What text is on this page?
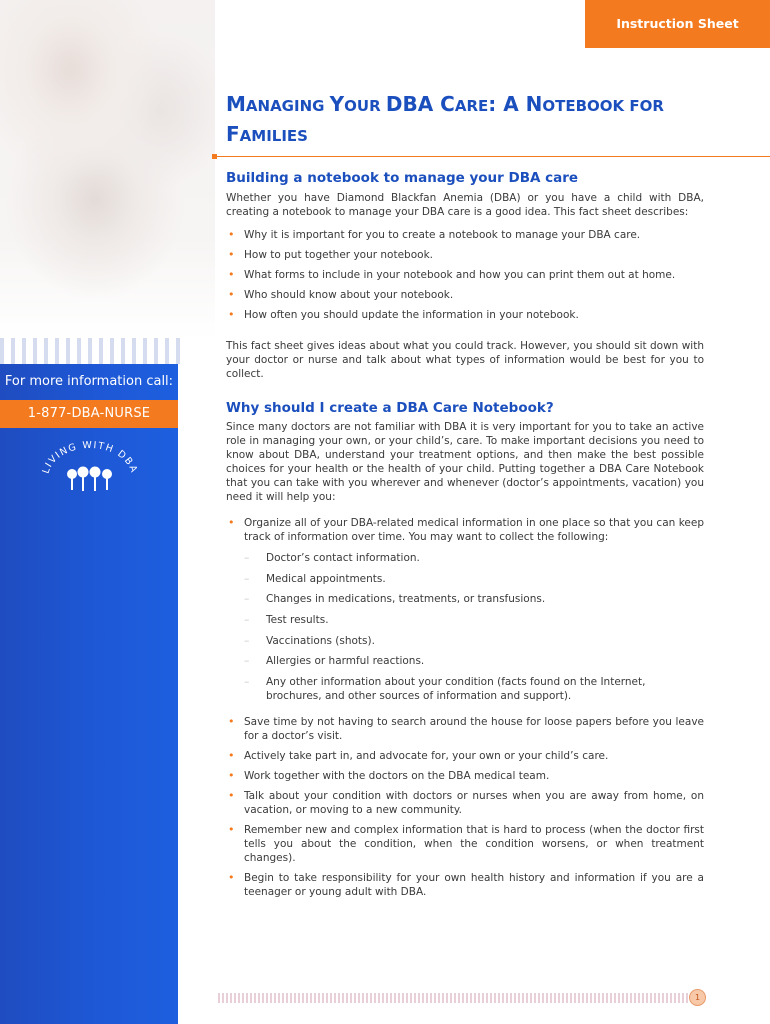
For more information call:
1-877-DBA-NURSE
LIVING WITH DBA
Instruction Sheet
MANAGING YOUR DBA CARE: A NOTEBOOK FOR
FAMILIES
Building a notebook to manage your DBA care

Whether you have Diamond Blackfan Anemia (DBA) or you have a child with DBA, creating a notebook to manage your DBA care is a good idea. This fact sheet describes:

• Why it is important for you to create a notebook to manage your DBA care.
• How to put together your notebook.
• What forms to include in your notebook and how you can print them out at home.
• Who should know about your notebook.
• How often you should update the information in your notebook.

This fact sheet gives ideas about what you could track. However, you should sit down with your doctor or nurse and talk about what types of information would be best for you to collect.

Why should I create a DBA Care Notebook?

Since many doctors are not familiar with DBA it is very important for you to take an active role in managing your own, or your child’s, care. To make important decisions you need to know about DBA, understand your treatment options, and then make the best possible choices for your health or the health of your child. Putting together a DBA Care Notebook that you can take with you wherever and whenever (doctor’s appointments, vacation) you need it will help you:

• Organize all of your DBA-related medical information in one place so that you can keep track of information over time. You may want to collect the following:
– Doctor’s contact information.
– Medical appointments.
– Changes in medications, treatments, or transfusions.
– Test results.
– Vaccinations (shots).
– Allergies or harmful reactions.
– Any other information about your condition (facts found on the Internet, brochures, and other sources of information and support).
• Save time by not having to search around the house for loose papers before you leave for a doctor’s visit.
• Actively take part in, and advocate for, your own or your child’s care.
• Work together with the doctors on the DBA medical team.
• Talk about your condition with doctors or nurses when you are away from home, on vacation, or moving to a new community.
• Remember new and complex information that is hard to process (when the doctor first tells you about the condition, when the condition worsens, or when treatment changes).
• Begin to take responsibility for your own health history and information if you are a teenager or young adult with DBA.
1
